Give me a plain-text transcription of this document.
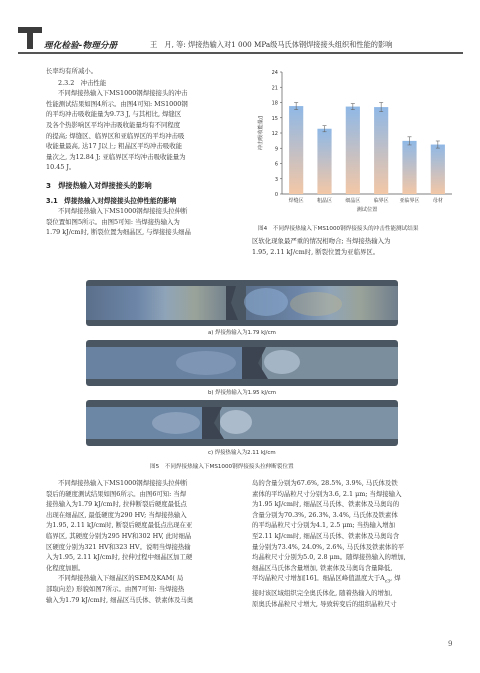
理化检验-物理分册	王　月, 等: 焊接热输入对1 000 MPa级马氏体钢焊接接头组织和性能的影响

长率均有所减小。

2.3.2　冲击性能

不同焊接热输入下MS1000钢焊接接头的冲击

性能测试结果如图4所示。由图4可知: MS1000钢

的平均冲击吸收能量为9.73 J, 与其相比, 焊缝区

及各个热影响区平均冲击吸收能量均有不同程度

的提高; 焊缝区、临界区和亚临界区的平均冲击吸

收能量最高, 达17 J以上; 粗晶区平均冲击吸收能

量次之, 为12.84 J; 亚临界区平均冲击吸收能量为

10.45 J。

3　焊接热输入对焊接接头的影响

3.1　焊接热输入对焊接接头拉伸性能的影响

不同焊接热输入下MS1000钢焊接接头拉伸断

裂位置如图5所示。由图5可知: 当焊接热输入为

1.79 kJ/cm时, 断裂位置为细晶区, 与焊接接头细晶

0
3
6
9
12
15
18
21
24
冲击吸收能量/J
焊缝区	粗晶区	细晶区	临界区 亚临界区	母材
测试位置
图4　不同焊接热输入下MS1000钢焊接接头的冲击性能测试结果

区软化现象最严重的情况相吻合; 当焊接热输入为

1.95, 2.11 kJ/cm时, 断裂位置为亚临界区。

a) 焊接热输入为1.79 kJ/cm
b) 焊接热输入为1.95 kJ/cm
c) 焊接热输入为2.11 kJ/cm
图5　不同焊接热输入下MS1000钢焊接接头拉伸断裂位置

不同焊接热输入下MS1000钢焊接接头拉伸断

裂后的硬度测试结果如图6所示。由图6可知: 当焊

接热输入为1.79 kJ/cm时, 拉伸断裂后硬度最低点

出现在细晶区, 最低硬度为290 HV; 当焊接热输入

为1.95, 2.11 kJ/cm时, 断裂后硬度最低点出现在亚

临界区, 其硬度分别为295 HV和302 HV, 此时细晶

区硬度分别为321 HV和323 HV。说明当焊接热输

入为1.95, 2.11 kJ/cm时, 拉伸过程中细晶区加工硬

化程度加剧。

不同焊接热输入下细晶区的SEM及KAM( 局

部取向差) 形貌如图7所示。由图7可知: 当焊接热

输入为1.79 kJ/cm时, 细晶区马氏体、铁素体及马奥

岛的含量分别为67.6%, 28.5%, 3.9%, 马氏体及铁

素体的平均晶粒尺寸分别为3.6, 2.1 μm; 当焊接输入

为1.95 kJ/cm时, 细晶区马氏体、铁素体及马奥岛的

含量分别为70.3%, 26.3%, 3.4%, 马氏体及铁素体

的平均晶粒尺寸分别为4.1, 2.5 μm; 当热输入增加

至2.11 kJ/cm时, 细晶区马氏体、铁素体及马奥岛含

量分别为73.4%, 24.0%, 2.6%, 马氏体及铁素体的平

均晶粒尺寸分别为5.0, 2.8 μm。随焊接热输入的增加,

细晶区马氏体含量增加, 铁素体及马奥岛含量降低,

平均晶粒尺寸增加[16]。细晶区峰值温度大于$A_{c3}$, 焊

接时该区域组织完全奥氏体化, 随着热输入的增加,

原奥氏体晶粒尺寸增大, 导致转变后的组织晶粒尺寸

9
